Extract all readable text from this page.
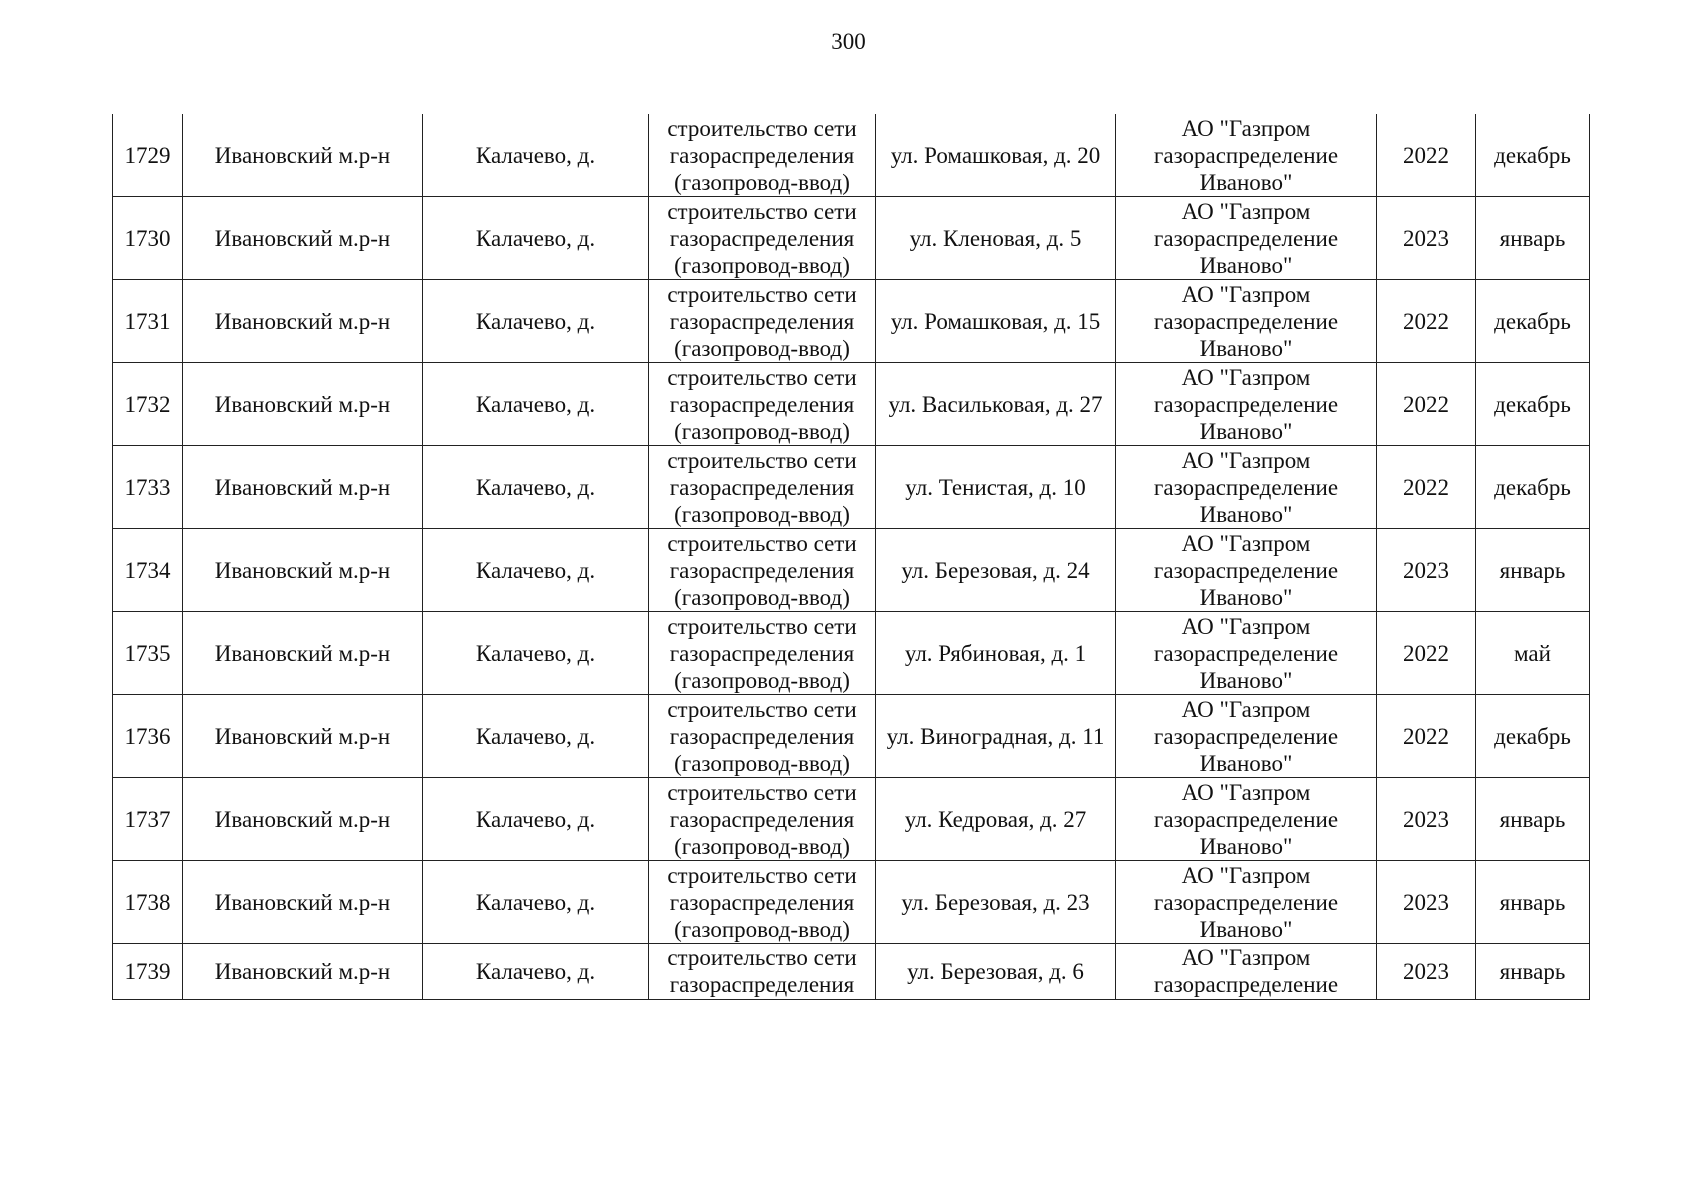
300
1729	Ивановский м.р-н	Калачево, д.	строительство сети газораспределения (газопровод-ввод)	ул. Ромашковая, д. 20	АО "Газпром газораспределение Иваново"	2022	декабрь
1730	Ивановский м.р-н	Калачево, д.	строительство сети газораспределения (газопровод-ввод)	ул. Кленовая, д. 5	АО "Газпром газораспределение Иваново"	2023	январь
1731	Ивановский м.р-н	Калачево, д.	строительство сети газораспределения (газопровод-ввод)	ул. Ромашковая, д. 15	АО "Газпром газораспределение Иваново"	2022	декабрь
1732	Ивановский м.р-н	Калачево, д.	строительство сети газораспределения (газопровод-ввод)	ул. Васильковая, д. 27	АО "Газпром газораспределение Иваново"	2022	декабрь
1733	Ивановский м.р-н	Калачево, д.	строительство сети газораспределения (газопровод-ввод)	ул. Тенистая, д. 10	АО "Газпром газораспределение Иваново"	2022	декабрь
1734	Ивановский м.р-н	Калачево, д.	строительство сети газораспределения (газопровод-ввод)	ул. Березовая, д. 24	АО "Газпром газораспределение Иваново"	2023	январь
1735	Ивановский м.р-н	Калачево, д.	строительство сети газораспределения (газопровод-ввод)	ул. Рябиновая, д. 1	АО "Газпром газораспределение Иваново"	2022	май
1736	Ивановский м.р-н	Калачево, д.	строительство сети газораспределения (газопровод-ввод)	ул. Виноградная, д. 11	АО "Газпром газораспределение Иваново"	2022	декабрь
1737	Ивановский м.р-н	Калачево, д.	строительство сети газораспределения (газопровод-ввод)	ул. Кедровая, д. 27	АО "Газпром газораспределение Иваново"	2023	январь
1738	Ивановский м.р-н	Калачево, д.	строительство сети газораспределения (газопровод-ввод)	ул. Березовая, д. 23	АО "Газпром газораспределение Иваново"	2023	январь
1739	Ивановский м.р-н	Калачево, д.	строительство сети газораспределения	ул. Березовая, д. 6	АО "Газпром газораспределение	2023	январь
